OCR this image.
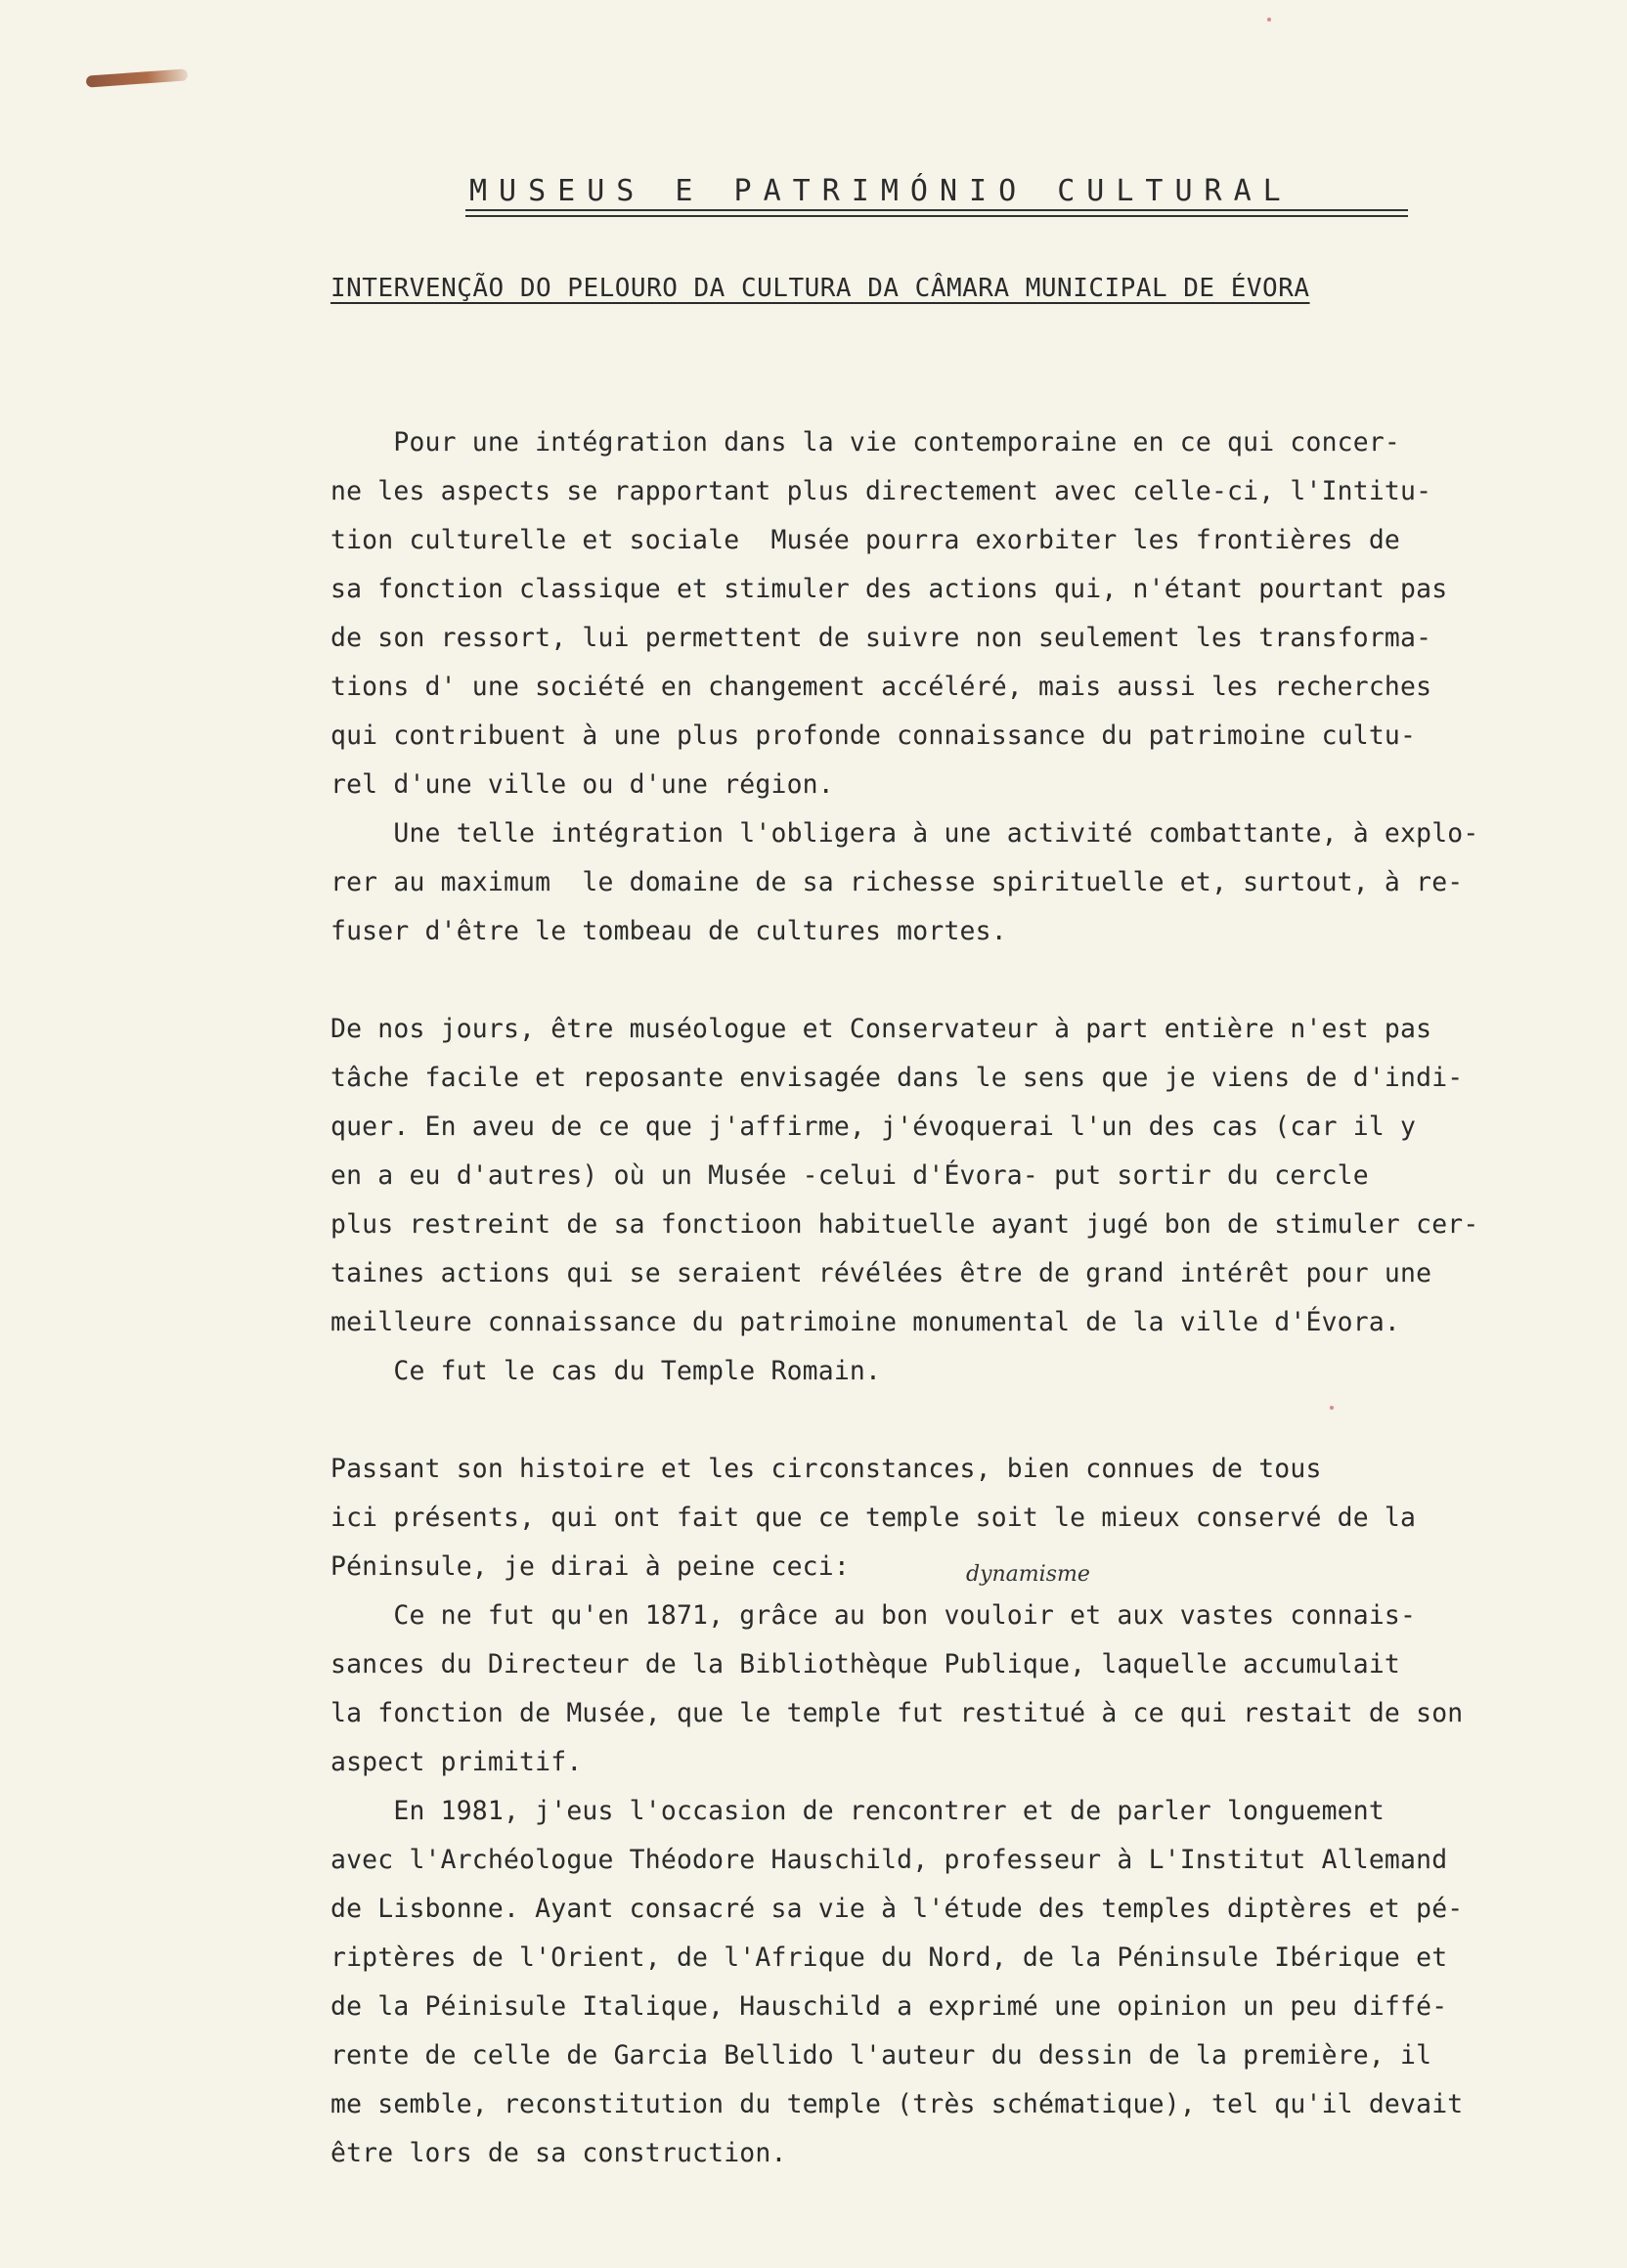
MUSEUS E PATRIMÓNIO CULTURAL
INTERVENÇÃO DO PELOURO DA CULTURA DA CÂMARA MUNICIPAL DE ÉVORA
dynamisme
Pour une intégration dans la vie contemporaine en ce qui concer-
ne les aspects se rapportant plus directement avec celle-ci, l'Intitu-
tion culturelle et sociale  Musée pourra exorbiter les frontières de
sa fonction classique et stimuler des actions qui, n'étant pourtant pas
de son ressort, lui permettent de suivre non seulement les transforma-
tions d' une société en changement accéléré, mais aussi les recherches
qui contribuent à une plus profonde connaissance du patrimoine cultu-
rel d'une ville ou d'une région.
Une telle intégration l'obligera à une activité combattante, à explo-
rer au maximum  le domaine de sa richesse spirituelle et, surtout, à re-
fuser d'être le tombeau de cultures mortes.
De nos jours, être muséologue et Conservateur à part entière n'est pas
tâche facile et reposante envisagée dans le sens que je viens de d'indi-
quer. En aveu de ce que j'affirme, j'évoquerai l'un des cas (car il y
en a eu d'autres) où un Musée -celui d'Évora- put sortir du cercle
plus restreint de sa fonctioon habituelle ayant jugé bon de stimuler cer-
taines actions qui se seraient révélées être de grand intérêt pour une
meilleure connaissance du patrimoine monumental de la ville d'Évora.
Ce fut le cas du Temple Romain.
Passant son histoire et les circonstances, bien connues de tous
ici présents, qui ont fait que ce temple soit le mieux conservé de la
Péninsule, je dirai à peine ceci:
Ce ne fut qu'en 1871, grâce au bon vouloir et aux vastes connais-
sances du Directeur de la Bibliothèque Publique, laquelle accumulait
la fonction de Musée, que le temple fut restitué à ce qui restait de son
aspect primitif.
En 1981, j'eus l'occasion de rencontrer et de parler longuement
avec l'Archéologue Théodore Hauschild, professeur à L'Institut Allemand
de Lisbonne. Ayant consacré sa vie à l'étude des temples diptères et pé-
riptères de l'Orient, de l'Afrique du Nord, de la Péninsule Ibérique et
de la Péinisule Italique, Hauschild a exprimé une opinion un peu diffé-
rente de celle de Garcia Bellido l'auteur du dessin de la première, il
me semble, reconstitution du temple (très schématique), tel qu'il devait
être lors de sa construction.
